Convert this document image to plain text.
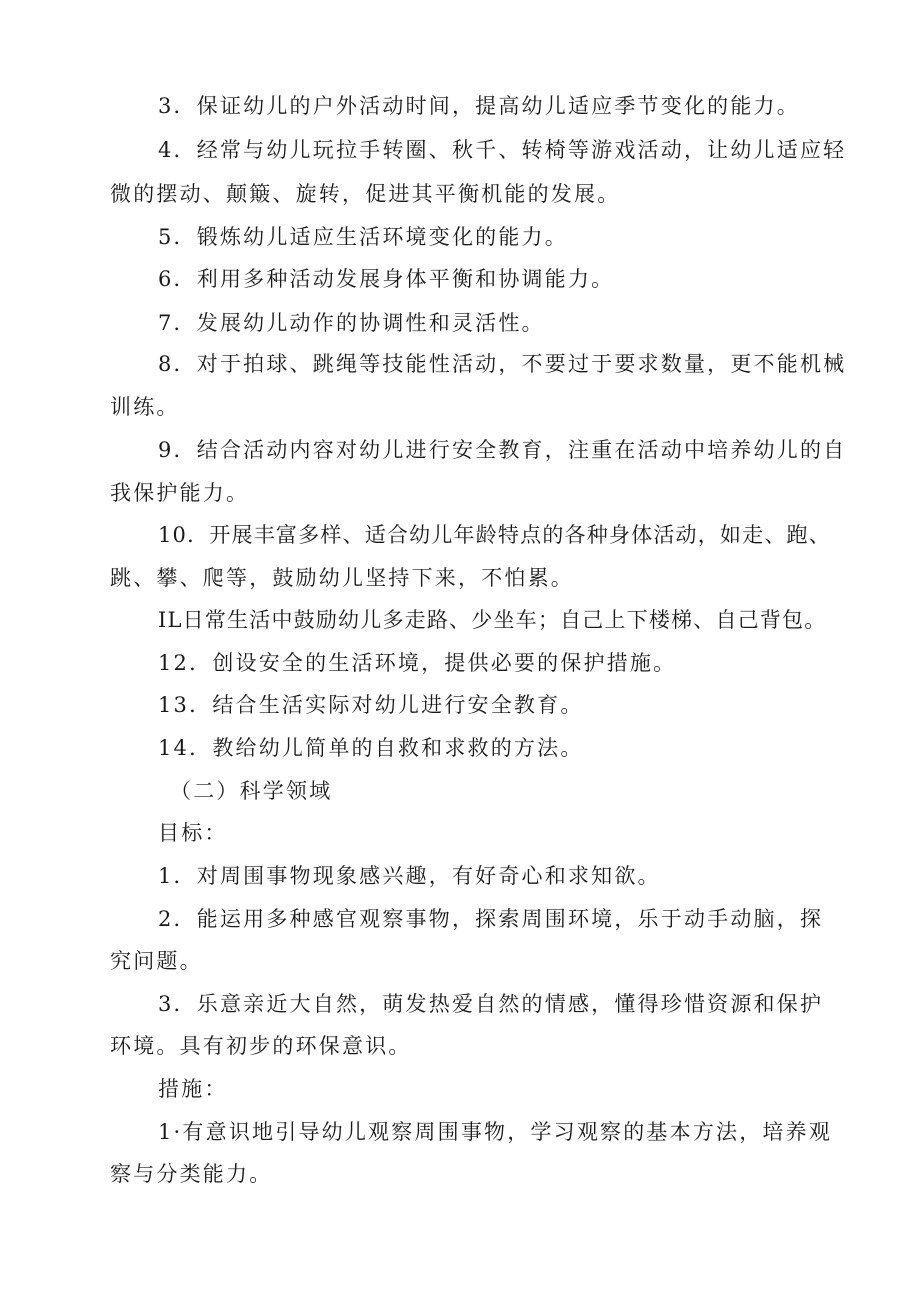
3．保证幼儿的户外活动时间，提高幼儿适应季节变化的能力。
4．经常与幼儿玩拉手转圈、秋千、转椅等游戏活动，让幼儿适应轻
微的摆动、颠簸、旋转，促进其平衡机能的发展。
5．锻炼幼儿适应生活环境变化的能力。
6．利用多种活动发展身体平衡和协调能力。
7．发展幼儿动作的协调性和灵活性。
8．对于拍球、跳绳等技能性活动，不要过于要求数量，更不能机械
训练。
9．结合活动内容对幼儿进行安全教育，注重在活动中培养幼儿的自
我保护能力。
10．开展丰富多样、适合幼儿年龄特点的各种身体活动，如走、跑、
跳、攀、爬等，鼓励幼儿坚持下来，不怕累。
IL日常生活中鼓励幼儿多走路、少坐车；自己上下楼梯、自己背包。
12．创设安全的生活环境，提供必要的保护措施。
13．结合生活实际对幼儿进行安全教育。
14．教给幼儿简单的自救和求救的方法。
（二）科学领域
目标：
1．对周围事物现象感兴趣，有好奇心和求知欲。
2．能运用多种感官观察事物，探索周围环境，乐于动手动脑，探
究问题。
3．乐意亲近大自然，萌发热爱自然的情感，懂得珍惜资源和保护
环境。具有初步的环保意识。
措施：
1·有意识地引导幼儿观察周围事物，学习观察的基本方法，培养观
察与分类能力。
